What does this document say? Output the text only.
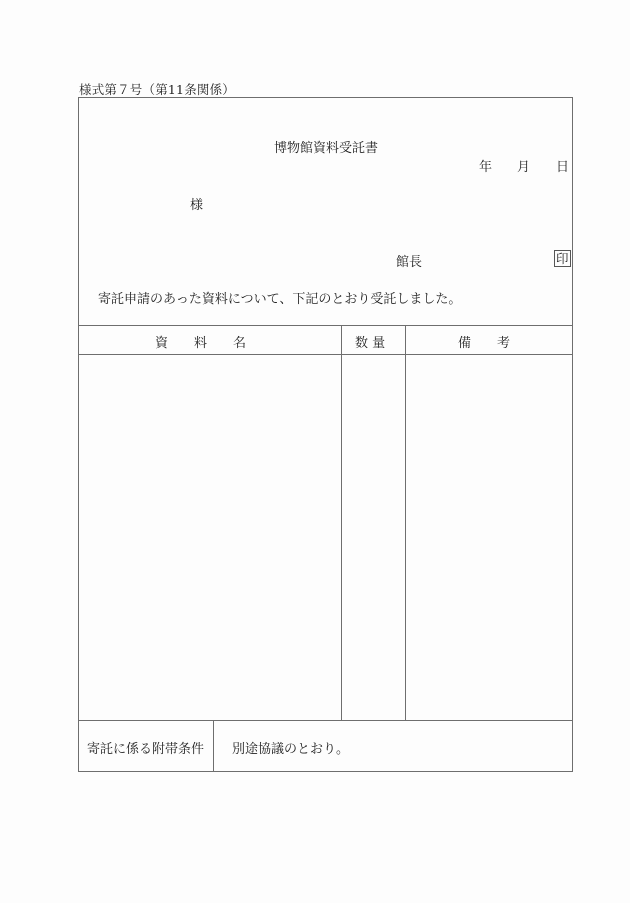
様式第７号（第11条関係）
博物館資料受託書
年 月 日
様
館長	印
寄託申請のあった資料について、下記のとおり受託しました。
資　　料　　名	数 量	備　　考
寄託に係る附帯条件 別途協議のとおり。
